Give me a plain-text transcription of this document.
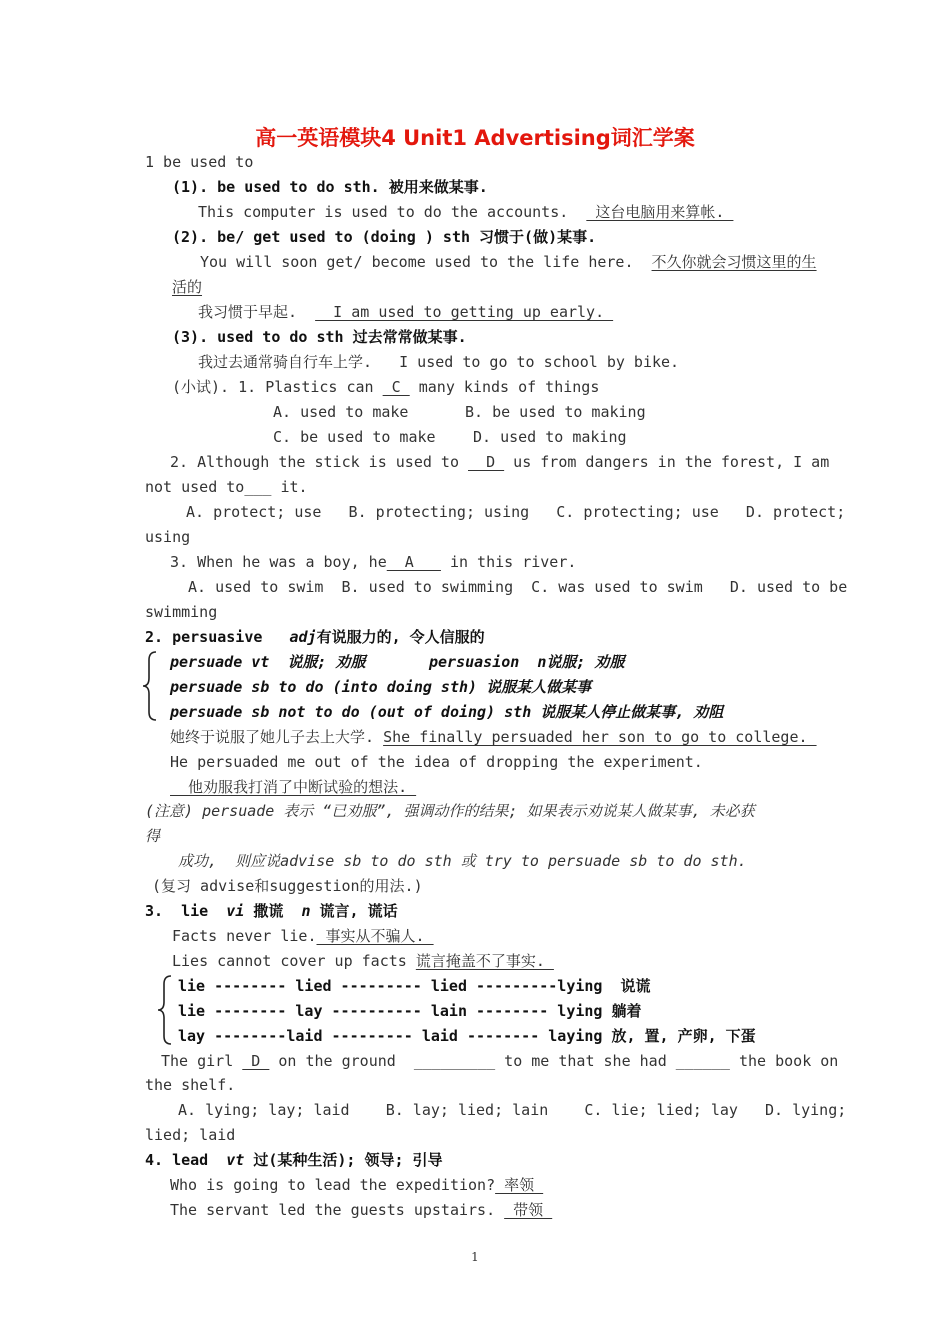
高一英语模块4 Unit1 Advertising词汇学案
1 be used to
(1). be used to do sth. 被用来做某事.
This computer is used to do the accounts.   这台电脑用来算帐.
(2). be/ get used to (doing ) sth 习惯于(做)某事.
You will soon get/ become used to the life here. 不久你就会习惯这里的生
活的
我习惯于早起.    I am used to getting up early.
(3). used to do sth 过去常常做某事.
我过去通常骑自行车上学.   I used to go to school by bike.
(小试). 1. Plastics can  C  many kinds of things
A. used to make	B. be used to making
C. be used to make D. used to making
2. Although the stick is used to   D  us from dangers in the forest, I am
not used to___ it.
A. protect; use   B. protecting; using   C. protecting; use   D. protect;
using
3. When he was a boy, he  A    in this river.
A. used to swim  B. used to swimming  C. was used to swim   D. used to be
swimming
2. persuasive adj有说服力的, 令人信服的
persuade vt  说服; 劝服	persuasion  n说服; 劝服
persuade sb to do (into doing sth) 说服某人做某事
persuade sb not to do (out of doing) sth 说服某人停止做某事, 劝阻
她终于说服了她儿子去上大学. She finally persuaded her son to go to college.
He persuaded me out of the idea of dropping the experiment.
他劝服我打消了中断试验的想法.
(注意) persuade 表示 “已劝服”, 强调动作的结果; 如果表示劝说某人做某事, 未必获
得
成功,  则应说advise sb to do sth 或 try to persuade sb to do sth.
(复习 advise和suggestion的用法.)
3. lie vi 撒谎 n 谎言, 谎话
Facts never lie. 事实从不骗人.
Lies cannot cover up facts 谎言掩盖不了事实.
lie -------- lied --------- lied ---------lying  说谎
lie -------- lay ---------- lain -------- lying 躺着
lay --------laid --------- laid -------- laying 放, 置, 产卵, 下蛋
The girl  D  on the ground  _________ to me that she had ______ the book on
the shelf.
A. lying; lay; laid    B. lay; lied; lain    C. lie; lied; lay   D. lying;
lied; laid
4. lead vt 过(某种生活); 领导; 引导
Who is going to lead the expedition? 率领
The servant led the guests upstairs.  带领
1
